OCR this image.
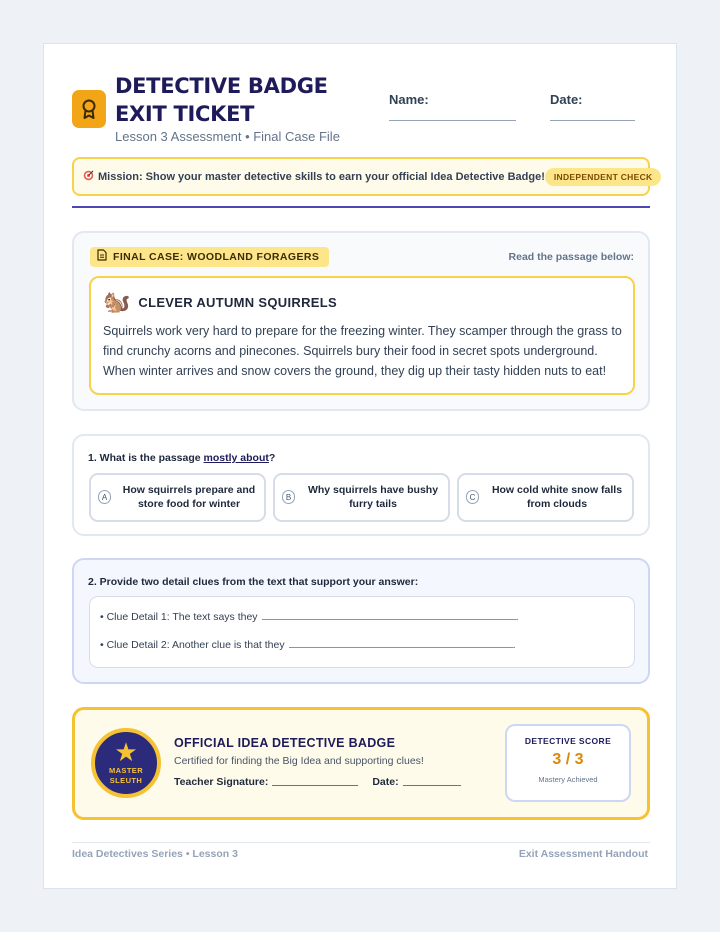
DETECTIVE BADGE EXIT TICKET
Lesson 3 Assessment • Final Case File
Name:	Date:
Mission: Show your master detective skills to earn your official Idea Detective Badge!	INDEPENDENT CHECK
FINAL CASE: WOODLAND FORAGERS	Read the passage below:
🐿️ CLEVER AUTUMN SQUIRRELS
Squirrels work very hard to prepare for the freezing winter. They scamper through the grass to find crunchy acorns and pinecones. Squirrels bury their food in secret spots underground. When winter arrives and snow covers the ground, they dig up their tasty hidden nuts to eat!
1. What is the passage mostly about?
A
How squirrels prepare and store food for winter
B
Why squirrels have bushy furry tails
C
How cold white snow falls from clouds
2. Provide two detail clues from the text that support your answer:
• Clue Detail 1: The text says they	.
• Clue Detail 2: Another clue is that they	.
★
MASTER
SLEUTH
OFFICIAL IDEA DETECTIVE BADGE
Certified for finding the Big Idea and supporting clues!
Teacher Signature:	Date:
DETECTIVE SCORE
3 / 3
Mastery Achieved
Idea Detectives Series • Lesson 3	Exit Assessment Handout
